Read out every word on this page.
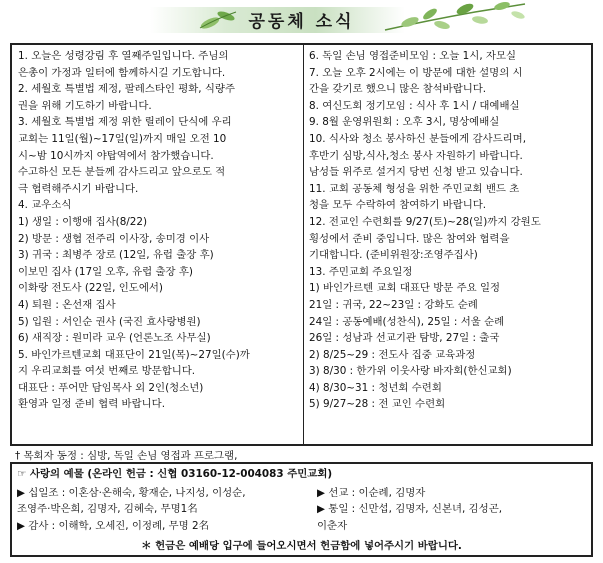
공동체 소식
1. 오늘은 성령강림 후 열째주일입니다. 주님의
은총이 가정과 일터에 함께하시길 기도합니다.
2. 세월호 특별법 제정, 팔레스타인 평화, 식량주
권을 위해 기도하기 바랍니다.
3. 세월호 특별법 제정 위한 릴레이 단식에 우리
교회는 11일(월)~17일(일)까지 매일 오전 10
시~밤 10시까지 야탑역에서 참가했습니다.
수고하신 모든 분들께 감사드리고 앞으로도 적
극 협력해주시기 바랍니다.
4. 교우소식
1) 생일 : 이행애 집사(8/22)
2) 방문 : 생협 전주리 이사장, 송미경 이사
3) 귀국 : 최병주 장로 (12일, 유럽 출장 후)
이보민 집사 (17일 오후, 유럽 출장 후)
이화랑 전도사 (22일, 인도에서)
4) 퇴원 : 온선재 집사
5) 입원 : 서인순 권사 (국진 효사랑병원)
6) 새직장 : 원미라 교우 (언론노조 사무실)
5. 바인가르텐교회 대표단이 21일(목)~27일(수)까
지 우리교회를 여섯 번째로 방문합니다.
대표단 : 푸어만 담임목사 외 2인(청소년)
환영과 일정 준비 협력 바랍니다.
6. 독일 손님 영접준비모임 : 오늘 1시, 자모실
7. 오늘 오후 2시에는 이 방문에 대한 설명의 시
간을 갖기로 했으니 많은 참석바랍니다.
8. 여신도회 정기모임 : 식사 후 1시 / 대예배실
9. 8월 운영위원회 : 오후 3시, 명상예배실
10. 식사와 청소 봉사하신 분들에게 감사드리며,
후반기 심방,식사,청소 봉사 자원하기 바랍니다.
남성들 위주로 설거지 당번 신청 받고 있습니다.
11. 교회 공동체 형성을 위한 주민교회 밴드 초
청을 모두 수락하여 참여하기 바랍니다.
12. 전교인 수련회를 9/27(토)~28(일)까지 강원도
횡성에서 준비 중입니다. 많은 참여와 협력을
기대합니다. (준비위원장:조영주집사)
13. 주민교회 주요일정
1) 바인가르텐 교회 대표단 방문 주요 일정
21일 : 귀국, 22~23일 : 강화도 순례
24일 : 공동예배(성찬식), 25일 : 서울 순례
26일 : 성남과 선교기관 탐방, 27일 : 출국
2) 8/25~29 : 전도사 집중 교육과정
3) 8/30 : 한가위 이웃사랑 바자회(한신교회)
4) 8/30~31 : 청년회 수련회
5) 9/27~28 : 전 교인 수련회
† 목회자 동정 : 심방, 독일 손님 영접과 프로그램,
☞ 사랑의 예물 (온라인 헌금 : 신협 03160-12-004083 주민교회)
▶ 십일조 : 이혼삼·온해숙, 황재순, 나지성, 이성순,
조영주·박은희, 김명자, 김혜숙, 무명1名
▶ 감사 : 이해학, 오세진, 이정례, 무명 2名
▶ 선교 : 이순례, 김명자
▶ 통일 : 신만섭, 김명자, 신본녀, 김성곤,
이춘자
＊ 헌금은 예배당 입구에 들어오시면서 헌금함에 넣어주시기 바랍니다.
